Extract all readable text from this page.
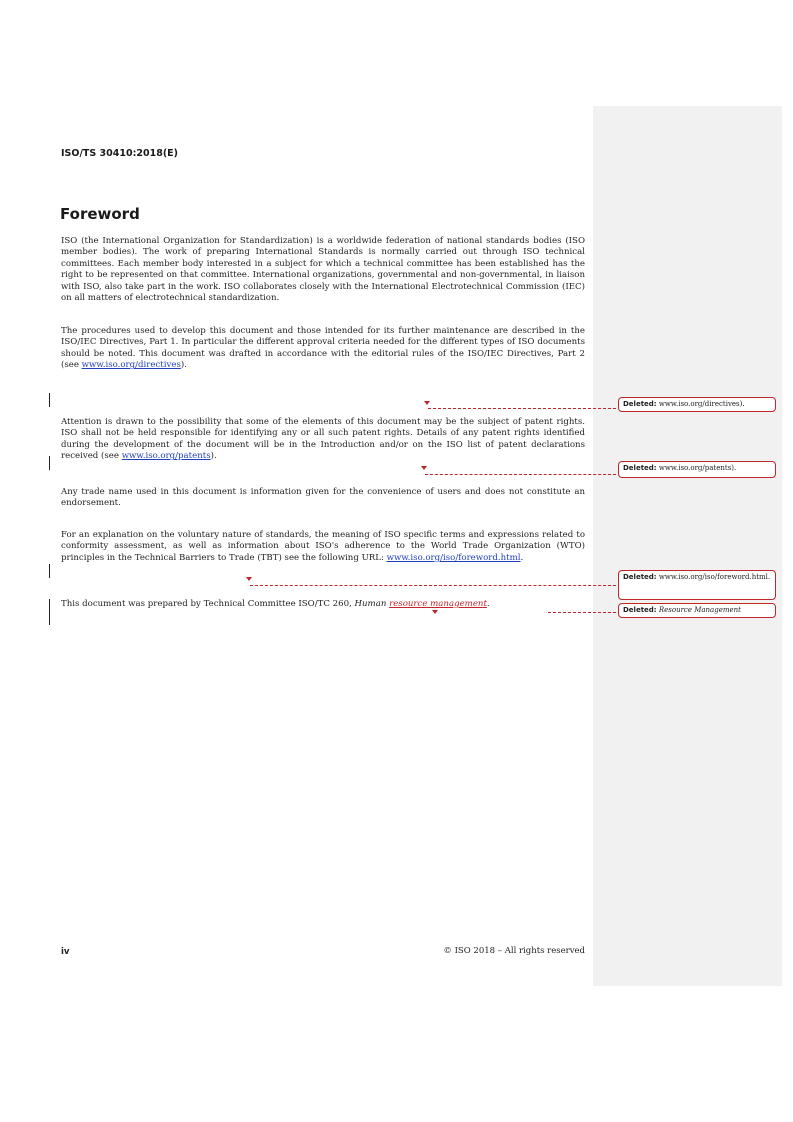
ISO/TS 30410:2018(E)
Foreword

ISO (the International Organization for Standardization) is a worldwide federation of national standards bodies (ISO member bodies). The work of preparing International Standards is normally carried out through ISO technical committees. Each member body interested in a subject for which a technical committee has been established has the right to be represented on that committee. International organizations, governmental and non-governmental, in liaison with ISO, also take part in the work. ISO collaborates closely with the International Electrotechnical Commission (IEC) on all matters of electrotechnical standardization.

The procedures used to develop this document and those intended for its further maintenance are described in the ISO/IEC Directives, Part 1. In particular the different approval criteria needed for the different types of ISO documents should be noted. This document was drafted in accordance with the editorial rules of the ISO/IEC Directives, Part 2 (see www.iso.org/directives).

Attention is drawn to the possibility that some of the elements of this document may be the subject of patent rights. ISO shall not be held responsible for identifying any or all such patent rights. Details of any patent rights identified during the development of the document will be in the Introduction and/or on the ISO list of patent declarations received (see www.iso.org/patents).

Any trade name used in this document is information given for the convenience of users and does not constitute an endorsement.

For an explanation on the voluntary nature of standards, the meaning of ISO specific terms and expressions related to conformity assessment, as well as information about ISO's adherence to the World Trade Organization (WTO) principles in the Technical Barriers to Trade (TBT) see the following URL: www.iso.org/iso/foreword.html.

This document was prepared by Technical Committee ISO/TC 260, Human resource management.

Deleted: www.iso.org/directives).
Deleted: www.iso.org/patents).
Deleted: www.iso.org/iso/foreword.html.
Deleted: Resource Management
iv	© ISO 2018 – All rights reserved
